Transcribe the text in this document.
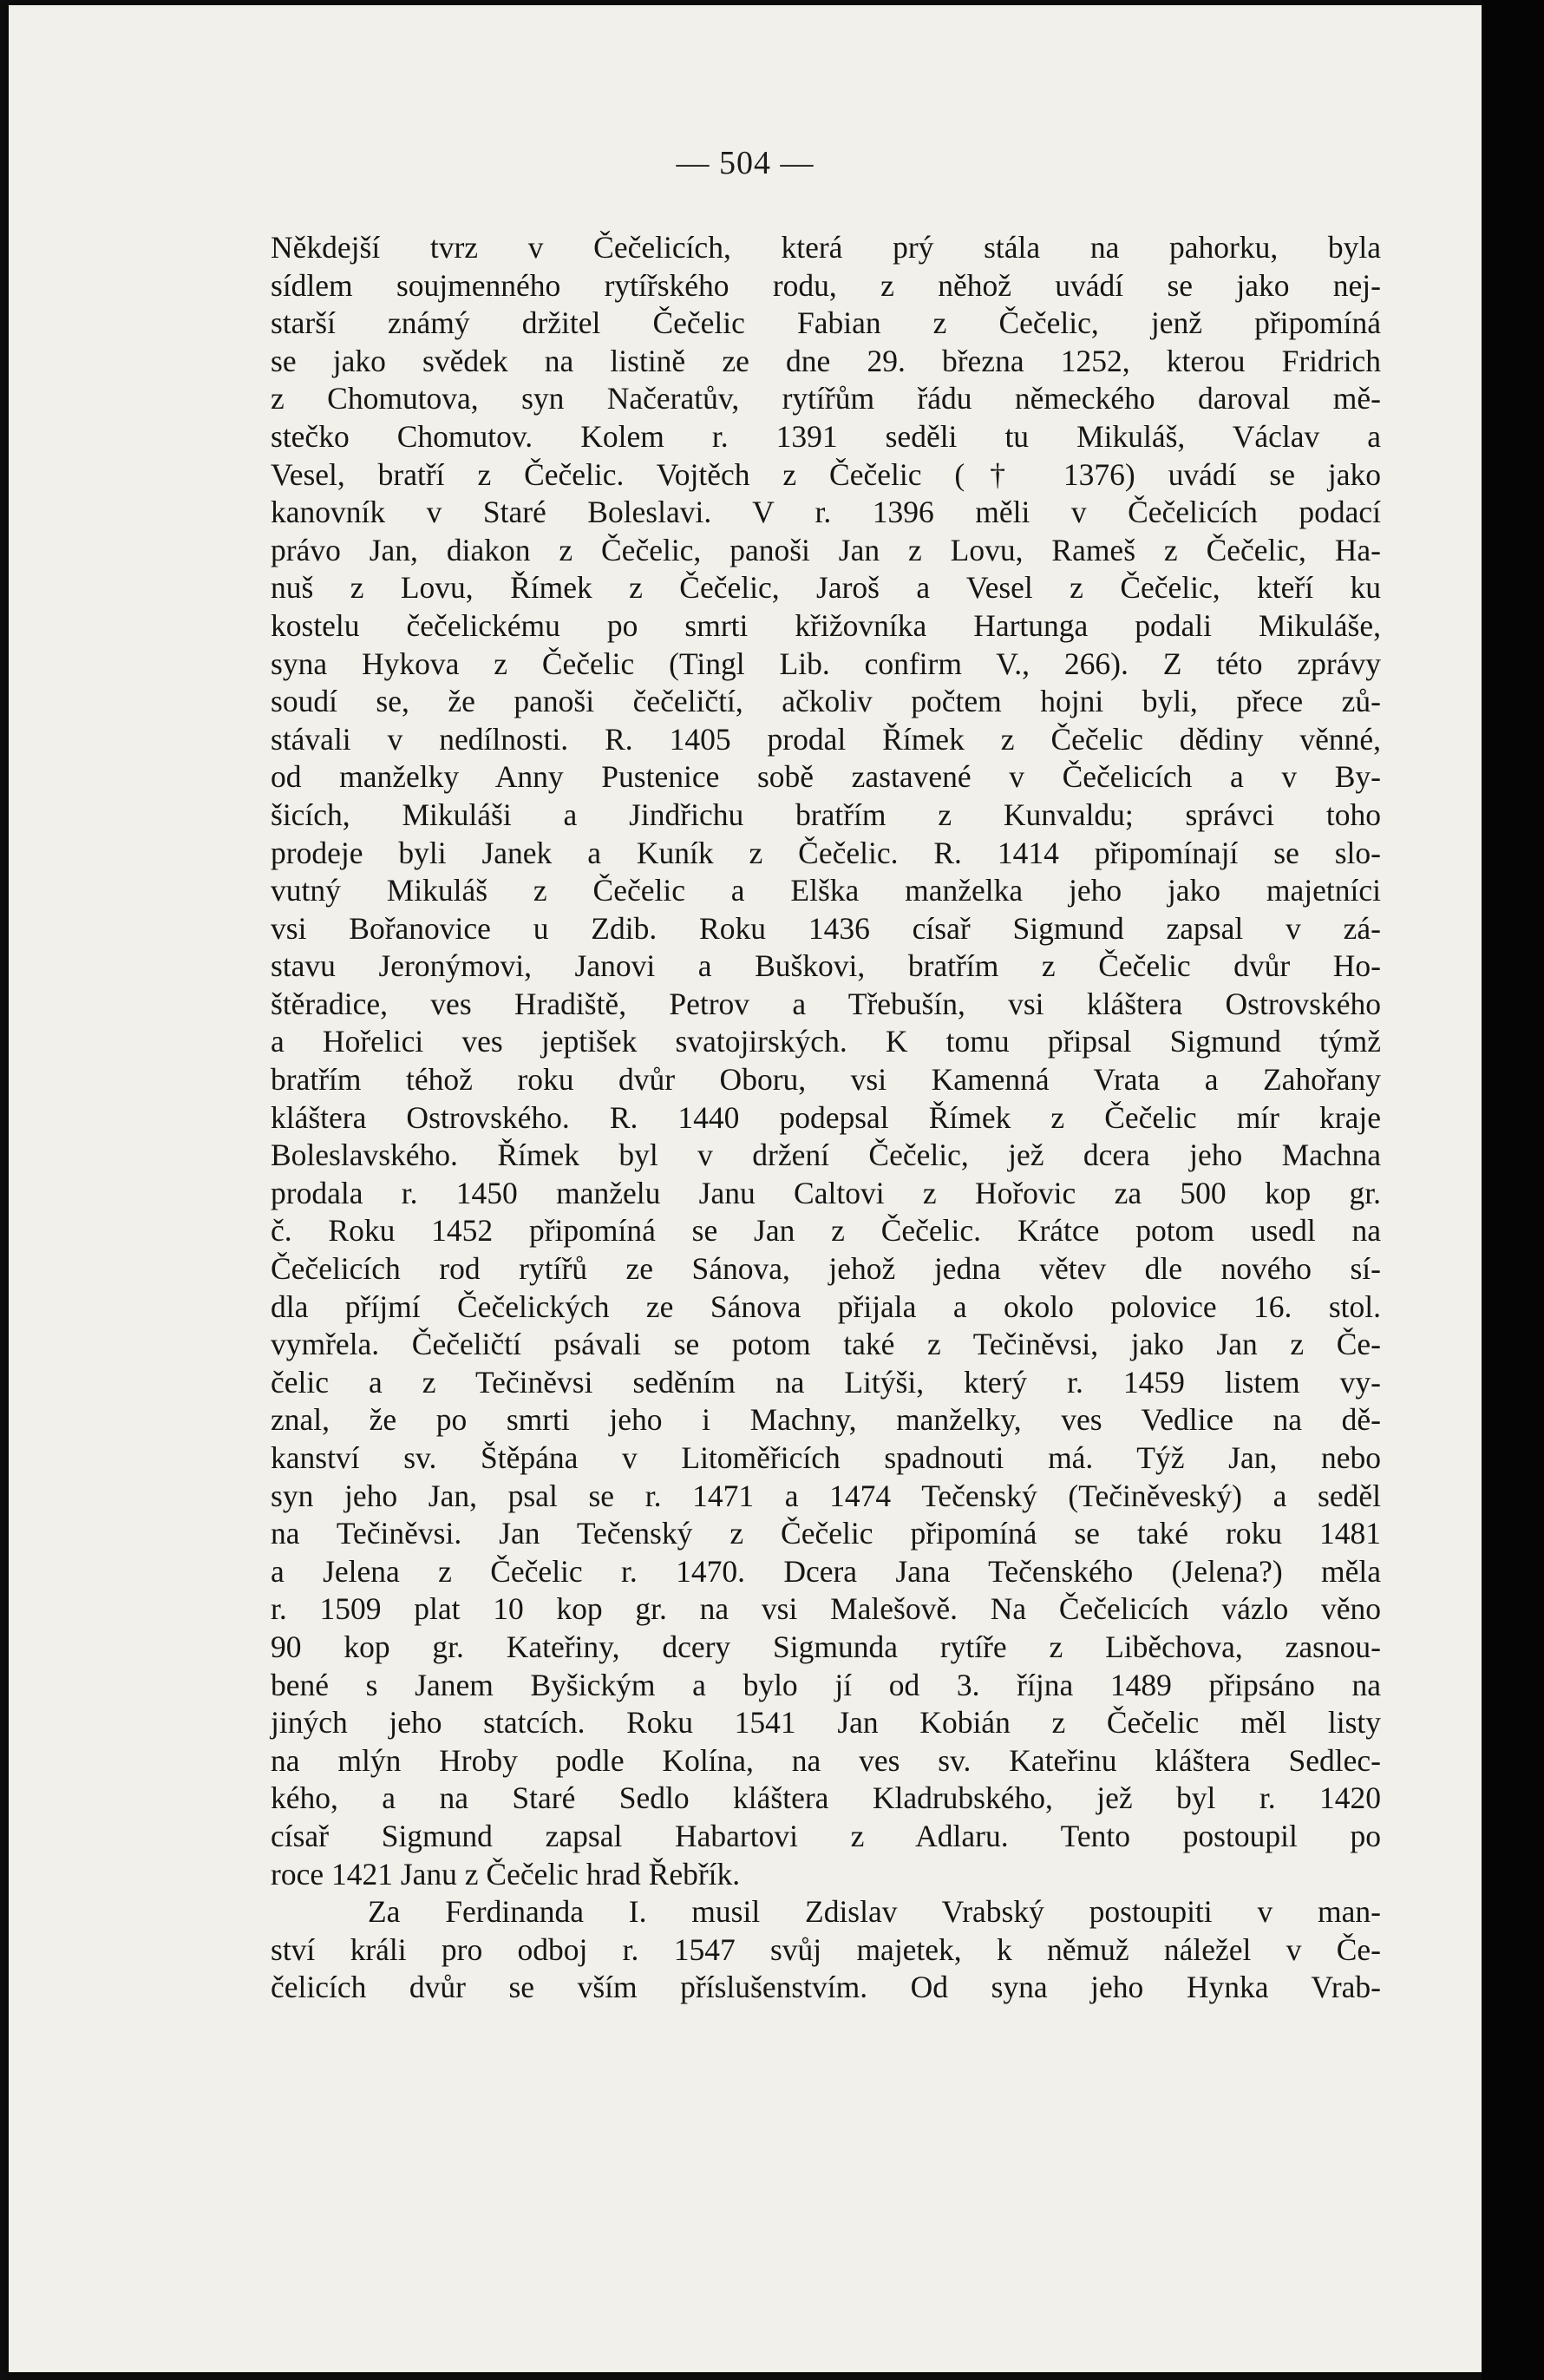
— 504 —
Někdejší tvrz v Čečelicích, která prý stála na pahorku, byla
sídlem soujmenného rytířského rodu, z něhož uvádí se jako nej-
starší známý držitel Čečelic Fabian z Čečelic, jenž připomíná
se jako svědek na listině ze dne 29. března 1252, kterou Fridrich
z Chomutova, syn Načeratův, rytířům řádu německého daroval mě-
stečko Chomutov. Kolem r. 1391 seděli tu Mikuláš, Václav a
Vesel, bratří z Čečelic. Vojtěch z Čečelic († 1376) uvádí se jako
kanovník v Staré Boleslavi. V r. 1396 měli v Čečelicích podací
právo Jan, diakon z Čečelic, panoši Jan z Lovu, Rameš z Čečelic, Ha-
nuš z Lovu, Římek z Čečelic, Jaroš a Vesel z Čečelic, kteří ku
kostelu čečelickému po smrti křižovníka Hartunga podali Mikuláše,
syna Hykova z Čečelic (Tingl Lib. confirm V., 266). Z této zprávy
soudí se, že panoši čečeličtí, ačkoliv počtem hojni byli, přece zů-
stávali v nedílnosti. R. 1405 prodal Římek z Čečelic dědiny věnné,
od manželky Anny Pustenice sobě zastavené v Čečelicích a v By-
šicích, Mikuláši a Jindřichu bratřím z Kunvaldu; správci toho
prodeje byli Janek a Kuník z Čečelic. R. 1414 připomínají se slo-
vutný Mikuláš z Čečelic a Elška manželka jeho jako majetníci
vsi Bořanovice u Zdib. Roku 1436 císař Sigmund zapsal v zá-
stavu Jeronýmovi, Janovi a Buškovi, bratřím z Čečelic dvůr Ho-
štěradice, ves Hradiště, Petrov a Třebušín, vsi kláštera Ostrovského
a Hořelici ves jeptišek svatojirských. K tomu připsal Sigmund týmž
bratřím téhož roku dvůr Oboru, vsi Kamenná Vrata a Zahořany
kláštera Ostrovského. R. 1440 podepsal Římek z Čečelic mír kraje
Boleslavského. Římek byl v držení Čečelic, jež dcera jeho Machna
prodala r. 1450 manželu Janu Caltovi z Hořovic za 500 kop gr.
č. Roku 1452 připomíná se Jan z Čečelic. Krátce potom usedl na
Čečelicích rod rytířů ze Sánova, jehož jedna větev dle nového sí-
dla příjmí Čečelických ze Sánova přijala a okolo polovice 16. stol.
vymřela. Čečeličtí psávali se potom také z Tečiněvsi, jako Jan z Če-
čelic a z Tečiněvsi seděním na Litýši, který r. 1459 listem vy-
znal, že po smrti jeho i Machny, manželky, ves Vedlice na dě-
kanství sv. Štěpána v Litoměřicích spadnouti má. Týž Jan, nebo
syn jeho Jan, psal se r. 1471 a 1474 Tečenský (Tečiněveský) a seděl
na Tečiněvsi. Jan Tečenský z Čečelic připomíná se také roku 1481
a Jelena z Čečelic r. 1470. Dcera Jana Tečenského (Jelena?) měla
r. 1509 plat 10 kop gr. na vsi Malešově. Na Čečelicích vázlo věno
90 kop gr. Kateřiny, dcery Sigmunda rytíře z Liběchova, zasnou-
bené s Janem Byšickým a bylo jí od 3. října 1489 připsáno na
jiných jeho statcích. Roku 1541 Jan Kobián z Čečelic měl listy
na mlýn Hroby podle Kolína, na ves sv. Kateřinu kláštera Sedlec-
kého, a na Staré Sedlo kláštera Kladrubského, jež byl r. 1420
císař Sigmund zapsal Habartovi z Adlaru. Tento postoupil po
roce 1421 Janu z Čečelic hrad Řebřík.
Za Ferdinanda I. musil Zdislav Vrabský postoupiti v man-
ství králi pro odboj r. 1547 svůj majetek, k němuž náležel v Če-
čelicích dvůr se vším příslušenstvím. Od syna jeho Hynka Vrab-
